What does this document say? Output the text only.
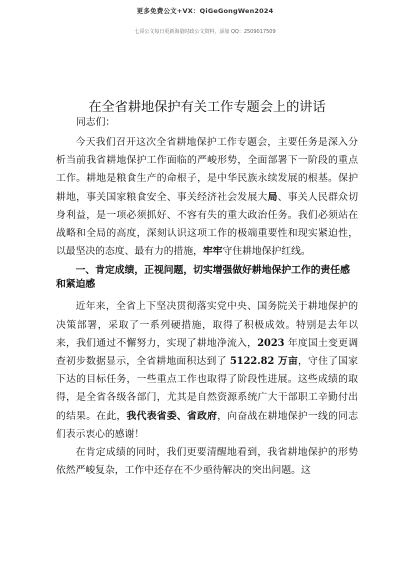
更多免费公文+VX：QiGeGongWen2024
七哥公文每日更新海量时政公文资料，添加 QQ：2509017509
在全省耕地保护有关工作专题会上的讲话

同志们：

今天我们召开这次全省耕地保护工作专题会，主要任务是深入分析当前我省耕地保护工作面临的严峻形势，全面部署下一阶段的重点工作。耕地是粮食生产的命根子，是中华民族永续发展的根基。保护耕地，事关国家粮食安全、事关经济社会发展大局、事关人民群众切身利益，是一项必须抓好、不容有失的重大政治任务。我们必须站在战略和全局的高度，深刻认识这项工作的极端重要性和现实紧迫性，以最坚决的态度、最有力的措施，牢牢守住耕地保护红线。

一、肯定成绩，正视问题，切实增强做好耕地保护工作的责任感和紧迫感

近年来，全省上下坚决贯彻落实党中央、国务院关于耕地保护的决策部署，采取了一系列硬措施，取得了积极成效。特别是去年以来，我们通过不懈努力，实现了耕地净流入，2023 年度国土变更调查初步数据显示，全省耕地面积达到了 5122.82 万亩，守住了国家下达的目标任务，一些重点工作也取得了阶段性进展。这些成绩的取得，是全省各级各部门，尤其是自然资源系统广大干部职工辛勤付出的结果。在此，我代表省委、省政府，向奋战在耕地保护一线的同志们表示衷心的感谢！

在肯定成绩的同时，我们更要清醒地看到，我省耕地保护的形势依然严峻复杂，工作中还存在不少亟待解决的突出问题。这
